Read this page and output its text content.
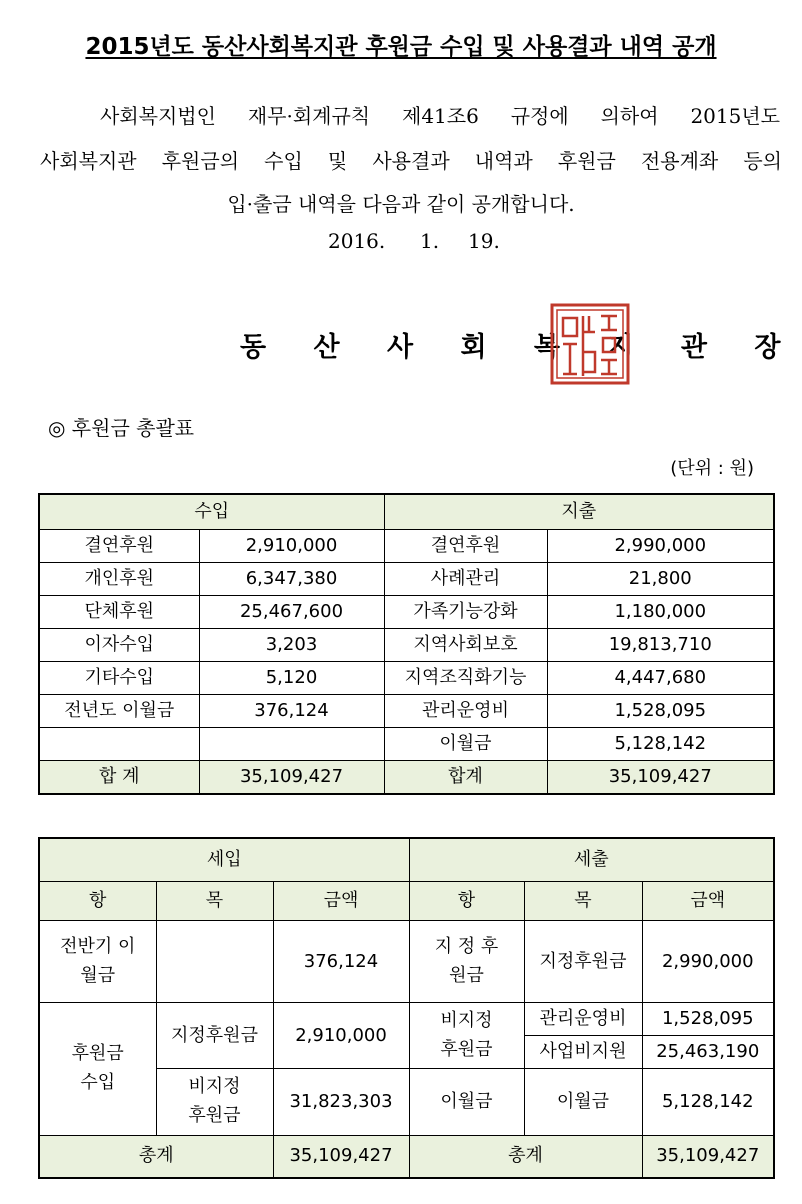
2015년도 동산사회복지관 후원금 수입 및 사용결과 내역 공개
사회복지법인 재무·회계규칙 제41조6 규정에 의하여 2015년도
사회복지관 후원금의 수입 및 사용결과 내역과 후원금 전용계좌 등의
입·출금 내역을 다음과 같이 공개합니다.
2016. 1. 19.
동 산 사 회 복 지 관 장
◎ 후원금 총괄표
(단위 : 원)
수입		지출	
결연후원	2,910,000	결연후원	2,990,000
개인후원	6,347,380	사례관리	21,800
단체후원	25,467,600	가족기능강화	1,180,000
이자수입	3,203	지역사회보호	19,813,710
기타수입	5,120	지역조직화기능	4,447,680
전년도 이월금	376,124	관리운영비	1,528,095
		이월금	5,128,142
합 계	35,109,427	합계	35,109,427
세입			세출		
항	목	금액	항	목	금액
전반기 이월금		376,124	지 정 후원금	지정후원금	2,990,000
후원금 수입	지정후원금	2,910,000	비지정 후원금	관리운영비	1,528,095
				사업비지원	25,463,190
	비지정 후원금	31,823,303	이월금	이월금	5,128,142
총계		35,109,427	총계		35,109,427
